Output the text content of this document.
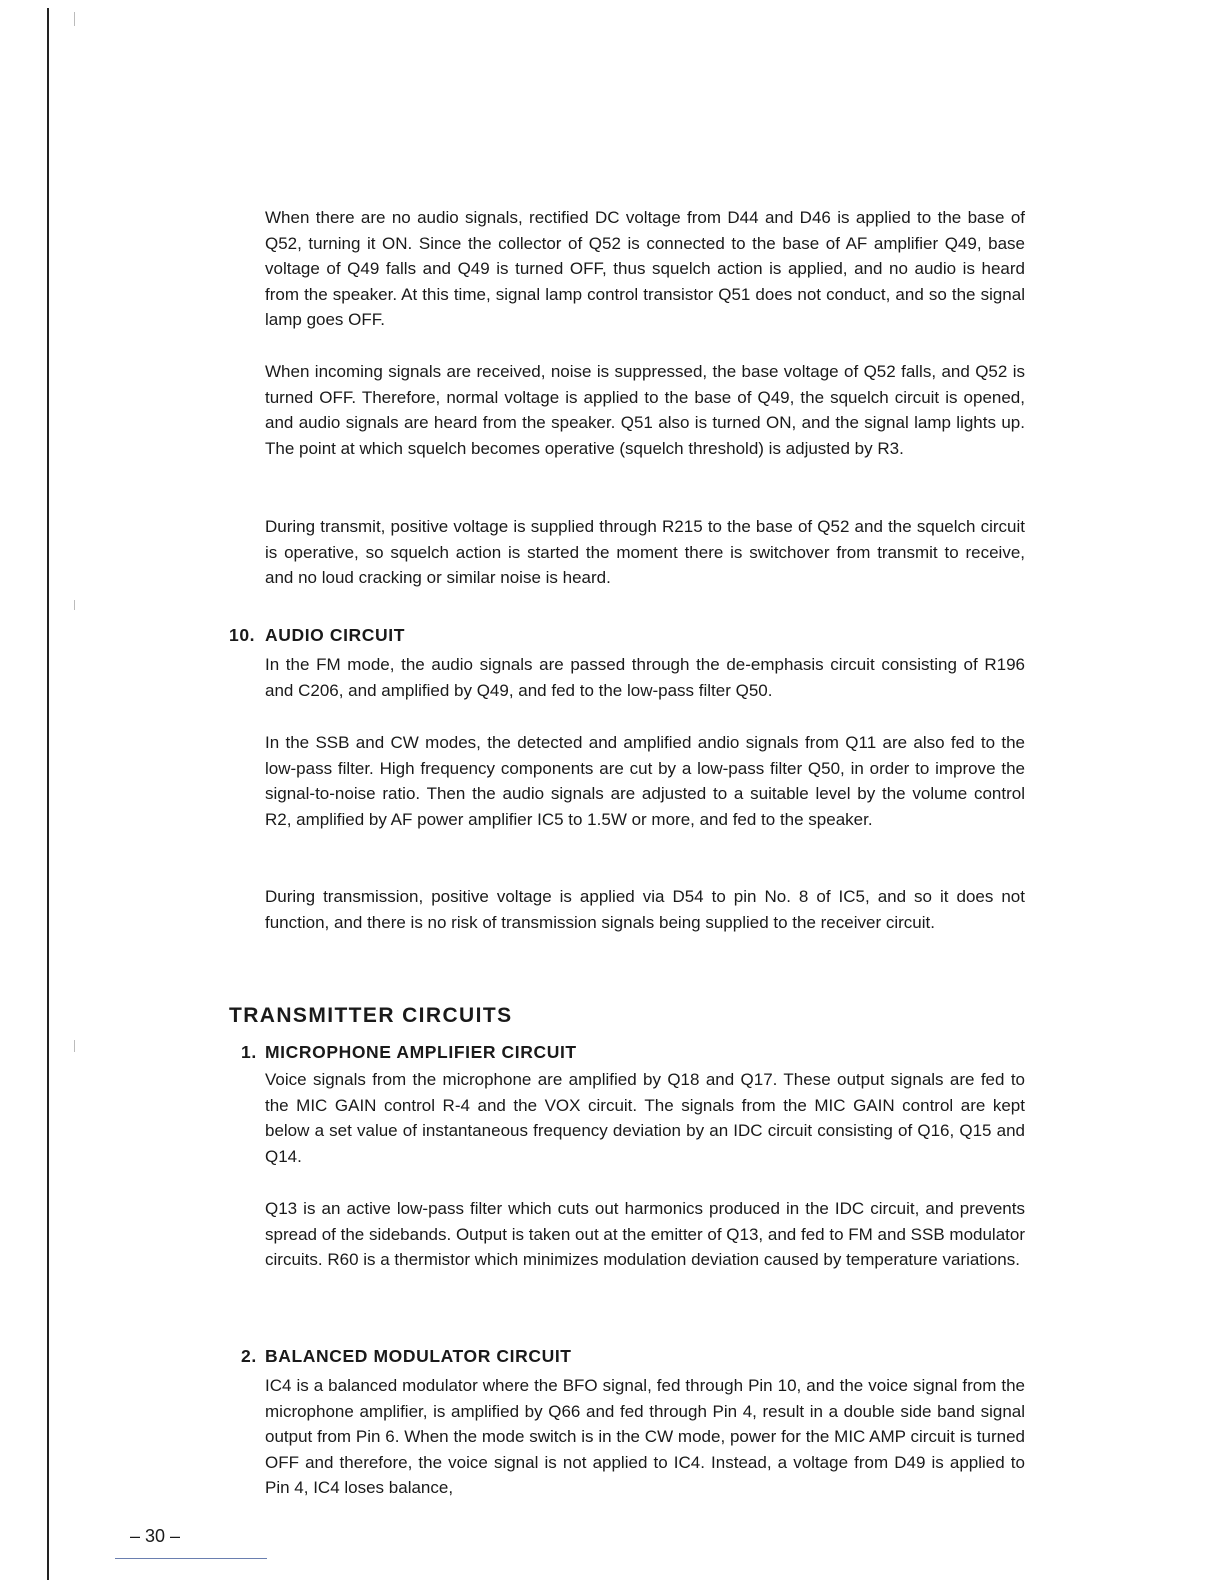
When there are no audio signals, rectified DC voltage from D44 and D46 is applied to the base of Q52, turning it ON. Since the collector of Q52 is connected to the base of AF amplifier Q49, base voltage of Q49 falls and Q49 is turned OFF, thus squelch action is applied, and no audio is heard from the speaker. At this time, signal lamp control transistor Q51 does not conduct, and so the signal lamp goes OFF.

When incoming signals are received, noise is suppressed, the base voltage of Q52 falls, and Q52 is turned OFF. Therefore, normal voltage is applied to the base of Q49, the squelch circuit is opened, and audio signals are heard from the speaker. Q51 also is turned ON, and the signal lamp lights up. The point at which squelch becomes operative (squelch threshold) is adjusted by R3.

During transmit, positive voltage is supplied through R215 to the base of Q52 and the squelch circuit is operative, so squelch action is started the moment there is switchover from transmit to receive, and no loud cracking or similar noise is heard.

10. AUDIO CIRCUIT

In the FM mode, the audio signals are passed through the de-emphasis circuit consisting of R196 and C206, and amplified by Q49, and fed to the low-pass filter Q50.

In the SSB and CW modes, the detected and amplified andio signals from Q11 are also fed to the low-pass filter. High frequency components are cut by a low-pass filter Q50, in order to improve the signal-to-noise ratio. Then the audio signals are adjusted to a suitable level by the volume control R2, amplified by AF power amplifier IC5 to 1.5W or more, and fed to the speaker.

During transmission, positive voltage is applied via D54 to pin No. 8 of IC5, and so it does not function, and there is no risk of transmission signals being supplied to the receiver circuit.

TRANSMITTER CIRCUITS
1. MICROPHONE AMPLIFIER CIRCUIT

Voice signals from the microphone are amplified by Q18 and Q17. These output signals are fed to the MIC GAIN control R-4 and the VOX circuit. The signals from the MIC GAIN control are kept below a set value of instantaneous frequency deviation by an IDC circuit consisting of Q16, Q15 and Q14.

Q13 is an active low-pass filter which cuts out harmonics produced in the IDC circuit, and prevents spread of the sidebands. Output is taken out at the emitter of Q13, and fed to FM and SSB modulator circuits. R60 is a thermistor which minimizes modulation deviation caused by temperature variations.

2. BALANCED MODULATOR CIRCUIT

IC4 is a balanced modulator where the BFO signal, fed through Pin 10, and the voice signal from the microphone amplifier, is amplified by Q66 and fed through Pin 4, result in a double side band signal output from Pin 6. When the mode switch is in the CW mode, power for the MIC AMP circuit is turned OFF and therefore, the voice signal is not applied to IC4. Instead, a voltage from D49 is applied to Pin 4, IC4 loses balance,

– 30 –
